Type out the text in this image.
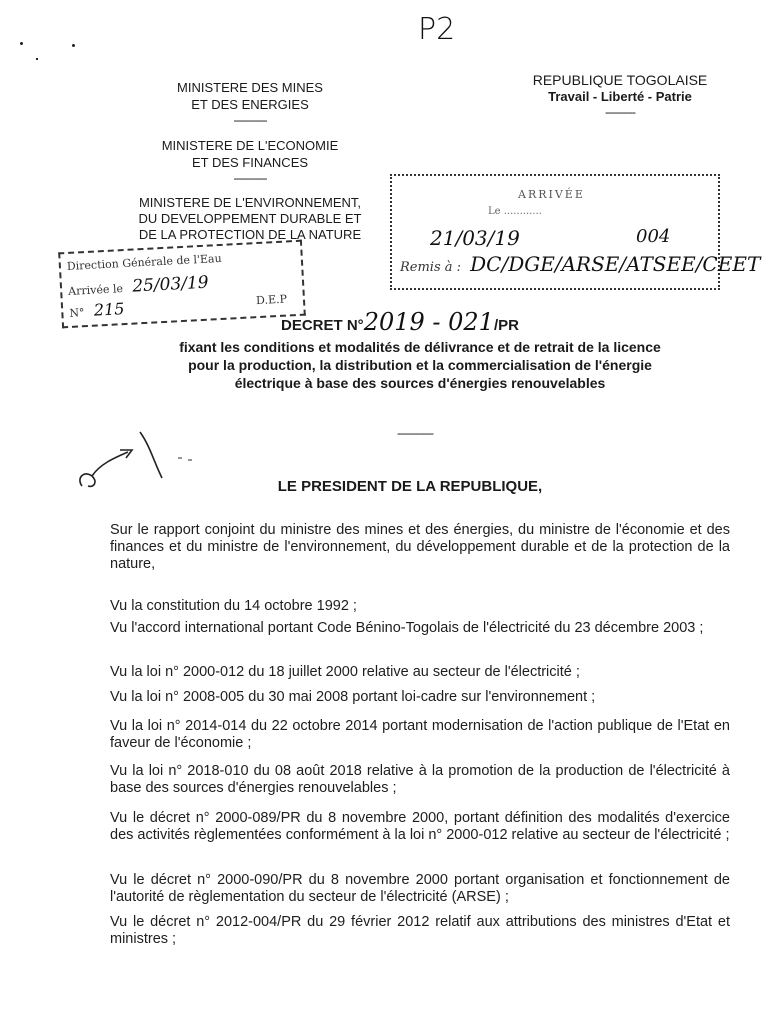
P2
MINISTERE DES MINES
ET DES ENERGIES
-----------
MINISTERE DE L'ECONOMIE
ET DES FINANCES
-----------
MINISTERE DE L'ENVIRONNEMENT,
DU DEVELOPPEMENT DURABLE ET
DE LA PROTECTION DE LA NATURE
REPUBLIQUE TOGOLAISE
Travail - Liberté - Patrie
----------
Direction Générale de l'Eau
Arrivée le 25/03/19
N° 215	D.E.P
ARRIVÉE
Le ............
21/03/19	004
Remis à : DC/DGE/ARSE/ATSEE/CEET
DECRET N°2019 - 021/PR
fixant les conditions et modalités de délivrance et de retrait de la licence
pour la production, la distribution et la commercialisation de l'énergie
électrique à base des sources d'énergies renouvelables
------------
LE PRESIDENT DE LA REPUBLIQUE,
Sur le rapport conjoint du ministre des mines et des énergies, du ministre de l'économie et des finances et du ministre de l'environnement, du développement durable et de la protection de la nature,
Vu la constitution du 14 octobre 1992 ;
Vu l'accord international portant Code Bénino-Togolais de l'électricité du 23 décembre 2003 ;
Vu la loi n° 2000-012 du 18 juillet 2000 relative au secteur de l'électricité ;
Vu la loi n° 2008-005 du 30 mai 2008 portant loi-cadre sur l'environnement ;
Vu la loi n° 2014-014 du 22 octobre 2014 portant modernisation de l'action publique de l'Etat en faveur de l'économie ;
Vu la loi n° 2018-010 du 08 août 2018 relative à la promotion de la production de l'électricité à base des sources d'énergies renouvelables ;
Vu le décret n° 2000-089/PR du 8 novembre 2000, portant définition des modalités d'exercice des activités règlementées conformément à la loi n° 2000-012 relative au secteur de l'électricité ;
Vu le décret n° 2000-090/PR du 8 novembre 2000 portant organisation et fonctionnement de l'autorité de règlementation du secteur de l'électricité (ARSE) ;
Vu le décret n° 2012-004/PR du 29 février 2012 relatif aux attributions des ministres d'Etat et ministres ;
